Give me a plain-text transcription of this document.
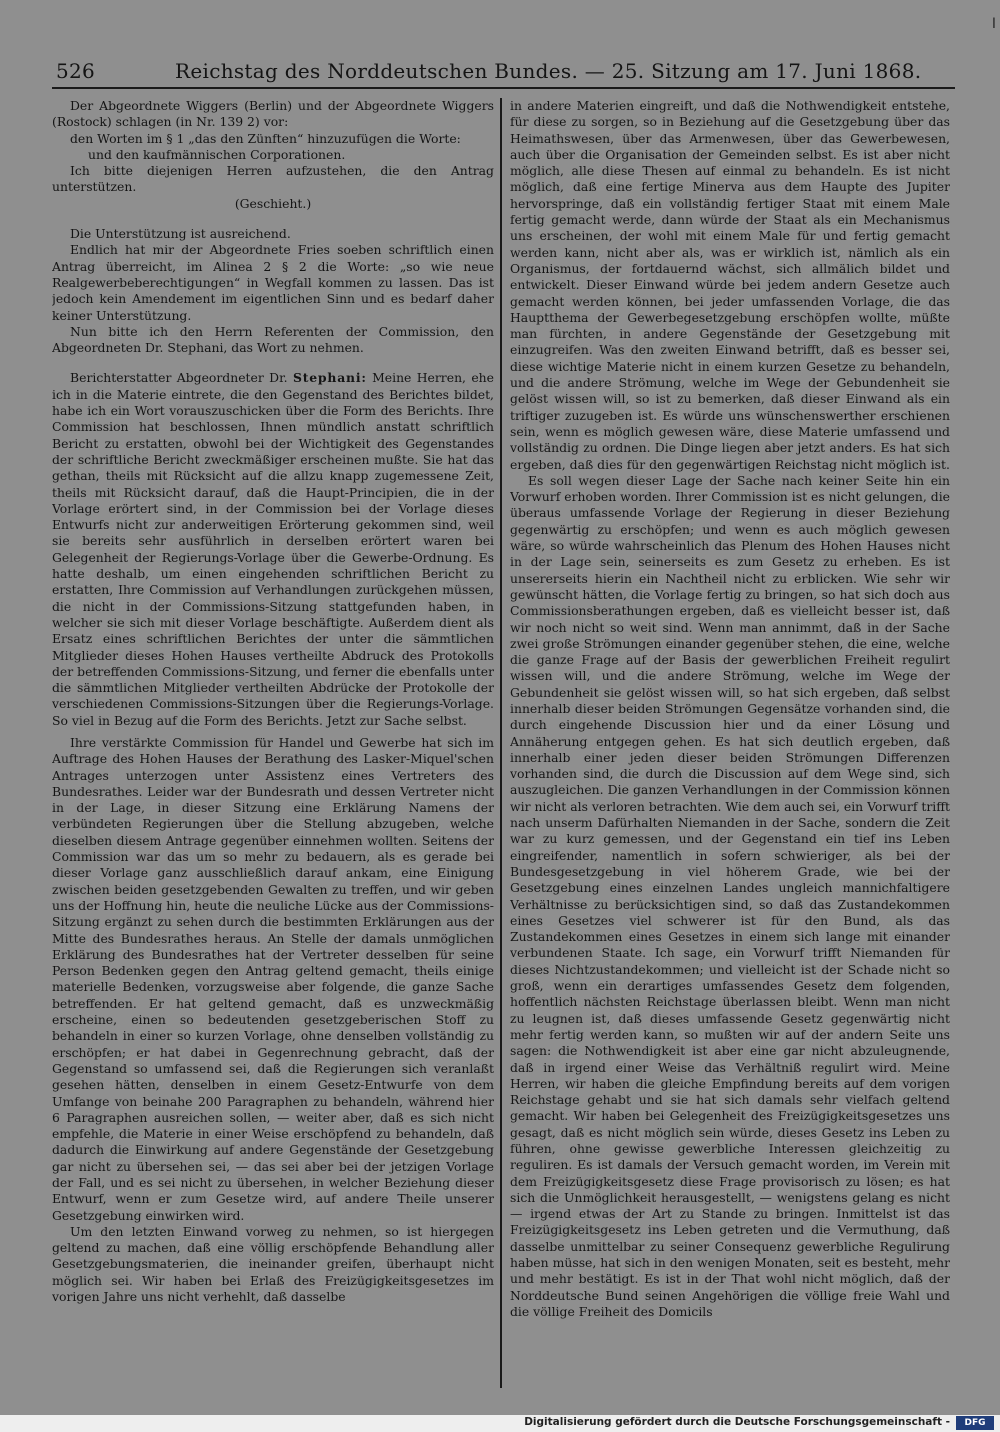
ǀ
526	Reichstag des Norddeutschen Bundes. — 25. Sitzung am 17. Juni 1868.

Der Abgeordnete Wiggers (Berlin) und der Abgeordnete Wiggers (Rostock) schlagen (in Nr. 139 2) vor:

den Worten im § 1 „das den Zünften“ hinzuzufügen die Worte:

und den kaufmännischen Corporationen.

Ich bitte diejenigen Herren aufzustehen, die den Antrag unterstützen.

(Geschieht.)

Die Unterstützung ist ausreichend.

Endlich hat mir der Abgeordnete Fries soeben schriftlich einen Antrag überreicht, im Alinea 2 § 2 die Worte: „so wie neue Realgewerbeberechtigungen“ in Wegfall kommen zu lassen. Das ist jedoch kein Amendement im eigentlichen Sinn und es bedarf daher keiner Unterstützung.

Nun bitte ich den Herrn Referenten der Commission, den Abgeordneten Dr. Stephani, das Wort zu nehmen.

Berichterstatter Abgeordneter Dr. Stephani: Meine Herren, ehe ich in die Materie eintrete, die den Gegenstand des Berichtes bildet, habe ich ein Wort vorauszuschicken über die Form des Berichts. Ihre Commission hat beschlossen, Ihnen mündlich anstatt schriftlich Bericht zu erstatten, obwohl bei der Wichtigkeit des Gegenstandes der schriftliche Bericht zweckmäßiger erscheinen mußte. Sie hat das gethan, theils mit Rücksicht auf die allzu knapp zugemessene Zeit, theils mit Rücksicht darauf, daß die Haupt-Principien, die in der Vorlage erörtert sind, in der Commission bei der Vorlage dieses Entwurfs nicht zur anderweitigen Erörterung gekommen sind, weil sie bereits sehr ausführlich in derselben erörtert waren bei Gelegenheit der Regierungs-Vorlage über die Gewerbe-Ordnung. Es hatte deshalb, um einen eingehenden schriftlichen Bericht zu erstatten, Ihre Commission auf Verhandlungen zurückgehen müssen, die nicht in der Commissions-Sitzung stattgefunden haben, in welcher sie sich mit dieser Vorlage beschäftigte. Außerdem dient als Ersatz eines schriftlichen Berichtes der unter die sämmtlichen Mitglieder dieses Hohen Hauses vertheilte Abdruck des Protokolls der betreffenden Commissions-Sitzung, und ferner die ebenfalls unter die sämmtlichen Mitglieder vertheilten Abdrücke der Protokolle der verschiedenen Commissions-Sitzungen über die Regierungs-Vorlage. So viel in Bezug auf die Form des Berichts. Jetzt zur Sache selbst.

Ihre verstärkte Commission für Handel und Gewerbe hat sich im Auftrage des Hohen Hauses der Berathung des Lasker-Miquel'schen Antrages unterzogen unter Assistenz eines Vertreters des Bundesrathes. Leider war der Bundesrath und dessen Vertreter nicht in der Lage, in dieser Sitzung eine Erklärung Namens der verbündeten Regierungen über die Stellung abzugeben, welche dieselben diesem Antrage gegenüber einnehmen wollten. Seitens der Commission war das um so mehr zu bedauern, als es gerade bei dieser Vorlage ganz ausschließlich darauf ankam, eine Einigung zwischen beiden gesetzgebenden Gewalten zu treffen, und wir geben uns der Hoffnung hin, heute die neuliche Lücke aus der Commissions-Sitzung ergänzt zu sehen durch die bestimmten Erklärungen aus der Mitte des Bundesrathes heraus. An Stelle der damals unmöglichen Erklärung des Bundesrathes hat der Vertreter desselben für seine Person Bedenken gegen den Antrag geltend gemacht, theils einige materielle Bedenken, vorzugsweise aber folgende, die ganze Sache betreffenden. Er hat geltend gemacht, daß es unzweckmäßig erscheine, einen so bedeutenden gesetzgeberischen Stoff zu behandeln in einer so kurzen Vorlage, ohne denselben vollständig zu erschöpfen; er hat dabei in Gegenrechnung gebracht, daß der Gegenstand so umfassend sei, daß die Regierungen sich veranlaßt gesehen hätten, denselben in einem Gesetz-Entwurfe von dem Umfange von beinahe 200 Paragraphen zu behandeln, während hier 6 Paragraphen ausreichen sollen, — weiter aber, daß es sich nicht empfehle, die Materie in einer Weise erschöpfend zu behandeln, daß dadurch die Einwirkung auf andere Gegenstände der Gesetzgebung gar nicht zu übersehen sei, — das sei aber bei der jetzigen Vorlage der Fall, und es sei nicht zu übersehen, in welcher Beziehung dieser Entwurf, wenn er zum Gesetze wird, auf andere Theile unserer Gesetzgebung einwirken wird.

Um den letzten Einwand vorweg zu nehmen, so ist hiergegen geltend zu machen, daß eine völlig erschöpfende Behandlung aller Gesetzgebungsmaterien, die ineinander greifen, überhaupt nicht möglich sei. Wir haben bei Erlaß des Freizügigkeitsgesetzes im vorigen Jahre uns nicht verhehlt, daß dasselbe

in andere Materien eingreift, und daß die Nothwendigkeit entstehe, für diese zu sorgen, so in Beziehung auf die Gesetzgebung über das Heimathswesen, über das Armenwesen, über das Gewerbewesen, auch über die Organisation der Gemeinden selbst. Es ist aber nicht möglich, alle diese Thesen auf einmal zu behandeln. Es ist nicht möglich, daß eine fertige Minerva aus dem Haupte des Jupiter hervorspringe, daß ein vollständig fertiger Staat mit einem Male fertig gemacht werde, dann würde der Staat als ein Mechanismus uns erscheinen, der wohl mit einem Male für und fertig gemacht werden kann, nicht aber als, was er wirklich ist, nämlich als ein Organismus, der fortdauernd wächst, sich allmälich bildet und entwickelt. Dieser Einwand würde bei jedem andern Gesetze auch gemacht werden können, bei jeder umfassenden Vorlage, die das Hauptthema der Gewerbegesetzgebung erschöpfen wollte, müßte man fürchten, in andere Gegenstände der Gesetzgebung mit einzugreifen. Was den zweiten Einwand betrifft, daß es besser sei, diese wichtige Materie nicht in einem kurzen Gesetze zu behandeln, und die andere Strömung, welche im Wege der Gebundenheit sie gelöst wissen will, so ist zu bemerken, daß dieser Einwand als ein triftiger zuzugeben ist. Es würde uns wünschenswerther erschienen sein, wenn es möglich gewesen wäre, diese Materie umfassend und vollständig zu ordnen. Die Dinge liegen aber jetzt anders. Es hat sich ergeben, daß dies für den gegenwärtigen Reichstag nicht möglich ist.

Es soll wegen dieser Lage der Sache nach keiner Seite hin ein Vorwurf erhoben worden. Ihrer Commission ist es nicht gelungen, die überaus umfassende Vorlage der Regierung in dieser Beziehung gegenwärtig zu erschöpfen; und wenn es auch möglich gewesen wäre, so würde wahrscheinlich das Plenum des Hohen Hauses nicht in der Lage sein, seinerseits es zum Gesetz zu erheben. Es ist unsererseits hierin ein Nachtheil nicht zu erblicken. Wie sehr wir gewünscht hätten, die Vorlage fertig zu bringen, so hat sich doch aus Commissionsberathungen ergeben, daß es vielleicht besser ist, daß wir noch nicht so weit sind. Wenn man annimmt, daß in der Sache zwei große Strömungen einander gegenüber stehen, die eine, welche die ganze Frage auf der Basis der gewerblichen Freiheit regulirt wissen will, und die andere Strömung, welche im Wege der Gebundenheit sie gelöst wissen will, so hat sich ergeben, daß selbst innerhalb dieser beiden Strömungen Gegensätze vorhanden sind, die durch eingehende Discussion hier und da einer Lösung und Annäherung entgegen gehen. Es hat sich deutlich ergeben, daß innerhalb einer jeden dieser beiden Strömungen Differenzen vorhanden sind, die durch die Discussion auf dem Wege sind, sich auszugleichen. Die ganzen Verhandlungen in der Commission können wir nicht als verloren betrachten. Wie dem auch sei, ein Vorwurf trifft nach unserm Dafürhalten Niemanden in der Sache, sondern die Zeit war zu kurz gemessen, und der Gegenstand ein tief ins Leben eingreifender, namentlich in sofern schwieriger, als bei der Bundesgesetzgebung in viel höherem Grade, wie bei der Gesetzgebung eines einzelnen Landes ungleich mannichfaltigere Verhältnisse zu berücksichtigen sind, so daß das Zustandekommen eines Gesetzes viel schwerer ist für den Bund, als das Zustandekommen eines Gesetzes in einem sich lange mit einander verbundenen Staate. Ich sage, ein Vorwurf trifft Niemanden für dieses Nichtzustandekommen; und vielleicht ist der Schade nicht so groß, wenn ein derartiges umfassendes Gesetz dem folgenden, hoffentlich nächsten Reichstage überlassen bleibt. Wenn man nicht zu leugnen ist, daß dieses umfassende Gesetz gegenwärtig nicht mehr fertig werden kann, so mußten wir auf der andern Seite uns sagen: die Nothwendigkeit ist aber eine gar nicht abzuleugnende, daß in irgend einer Weise das Verhältniß regulirt wird. Meine Herren, wir haben die gleiche Empfindung bereits auf dem vorigen Reichstage gehabt und sie hat sich damals sehr vielfach geltend gemacht. Wir haben bei Gelegenheit des Freizügigkeitsgesetzes uns gesagt, daß es nicht möglich sein würde, dieses Gesetz ins Leben zu führen, ohne gewisse gewerbliche Interessen gleichzeitig zu reguliren. Es ist damals der Versuch gemacht worden, im Verein mit dem Freizügigkeitsgesetz diese Frage provisorisch zu lösen; es hat sich die Unmöglichkeit herausgestellt, — wenigstens gelang es nicht — irgend etwas der Art zu Stande zu bringen. Inmittelst ist das Freizügigkeitsgesetz ins Leben getreten und die Vermuthung, daß dasselbe unmittelbar zu seiner Consequenz gewerbliche Regulirung haben müsse, hat sich in den wenigen Monaten, seit es besteht, mehr und mehr bestätigt. Es ist in der That wohl nicht möglich, daß der Norddeutsche Bund seinen Angehörigen die völlige freie Wahl und die völlige Freiheit des Domicils

Digitalisierung gefördert durch die Deutsche Forschungsgemeinschaft -	DFG
